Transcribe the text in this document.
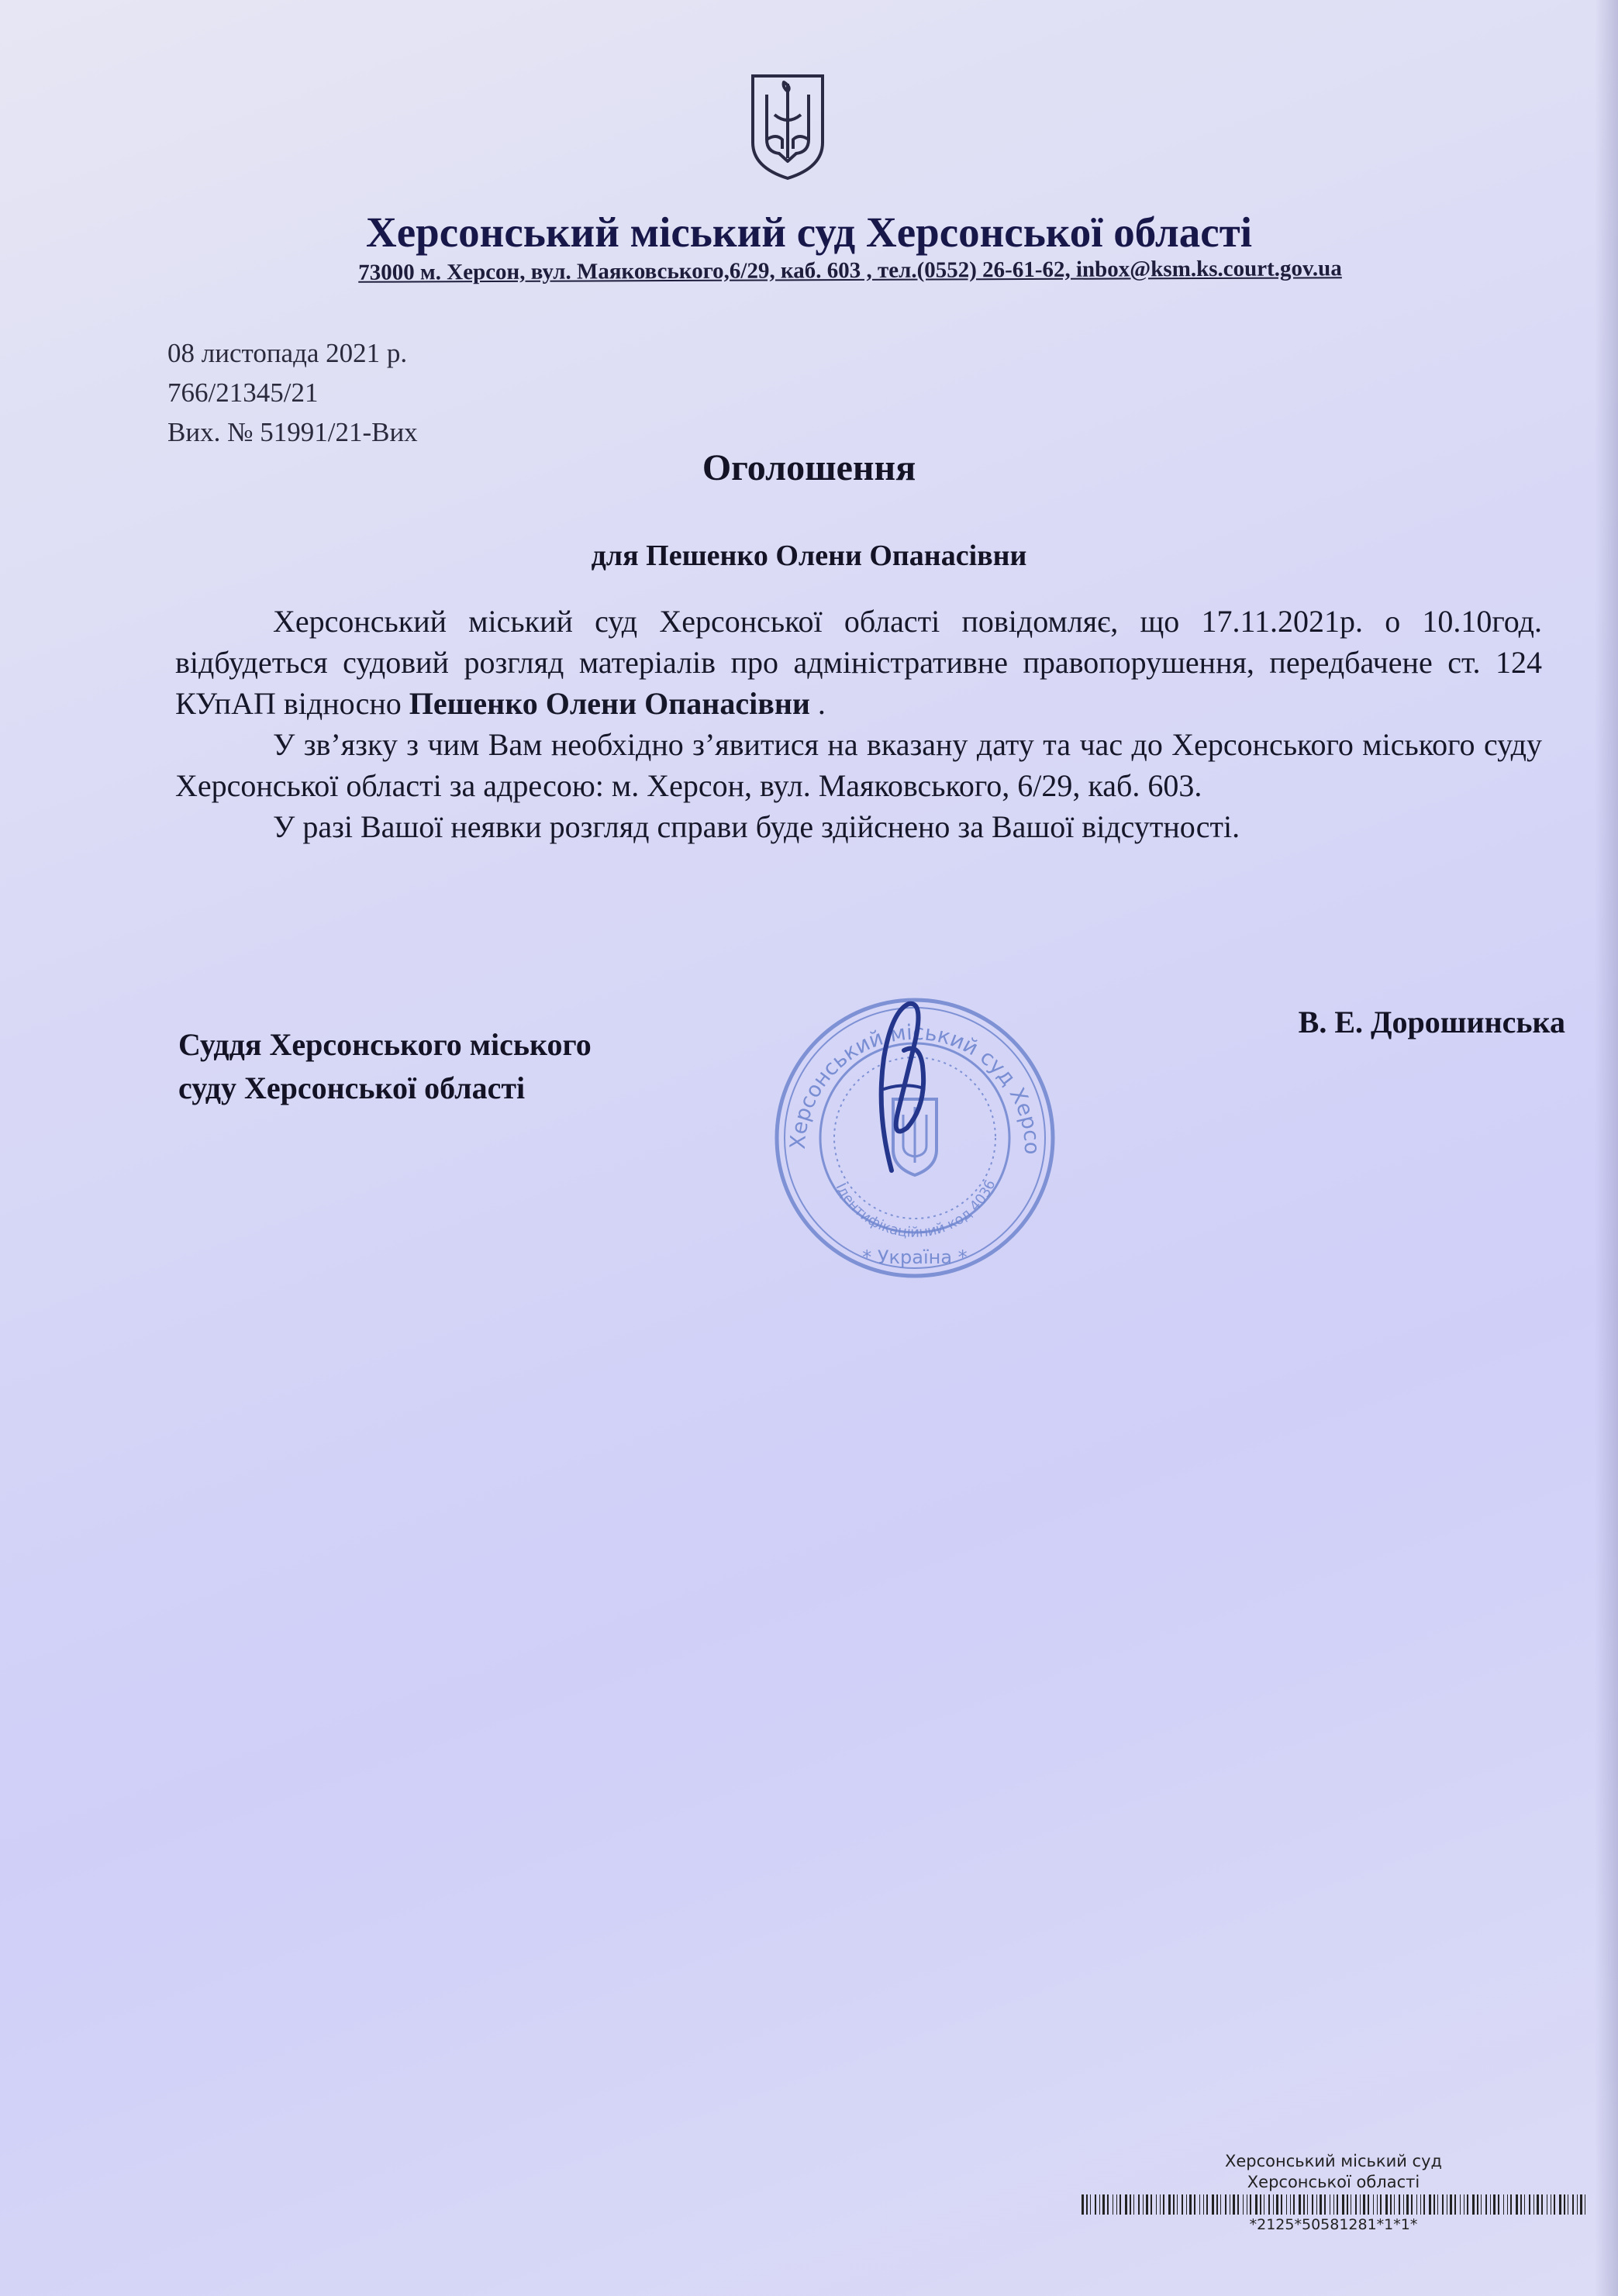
Херсонський міський суд Херсонської області
73000 м. Херсон, вул. Маяковського,6/29, каб. 603 , тел.(0552) 26-61-62, inbox@ksm.ks.court.gov.ua
08 листопада 2021 р.
766/21345/21
Вих. № 51991/21-Вих
Оголошення
для Пешенко Олени Опанасівни

Херсонський міський суд Херсонської області повідомляє, що 17.11.2021р. о 10.10год. відбудеться судовий розгляд матеріалів про адміністративне правопорушення, передбачене ст. 124 КУпАП відносно Пешенко Олени Опанасівни .

У зв’язку з чим Вам необхідно з’явитися на вказану дату та час до Херсонського міського суду Херсонської області за адресою: м. Херсон, вул. Маяковського, 6/29, каб. 603.

У разі Вашої неявки розгляд справи буде здійснено за Вашої відсутності.

Херсонський міський суд Херсо
Ідентифікаційний код 4036
* Україна *
Суддя Херсонського міського
суду Херсонської області
В. Е. Дорошинська
Херсонський міський суд
Херсонської області
*2125*50581281*1*1*
